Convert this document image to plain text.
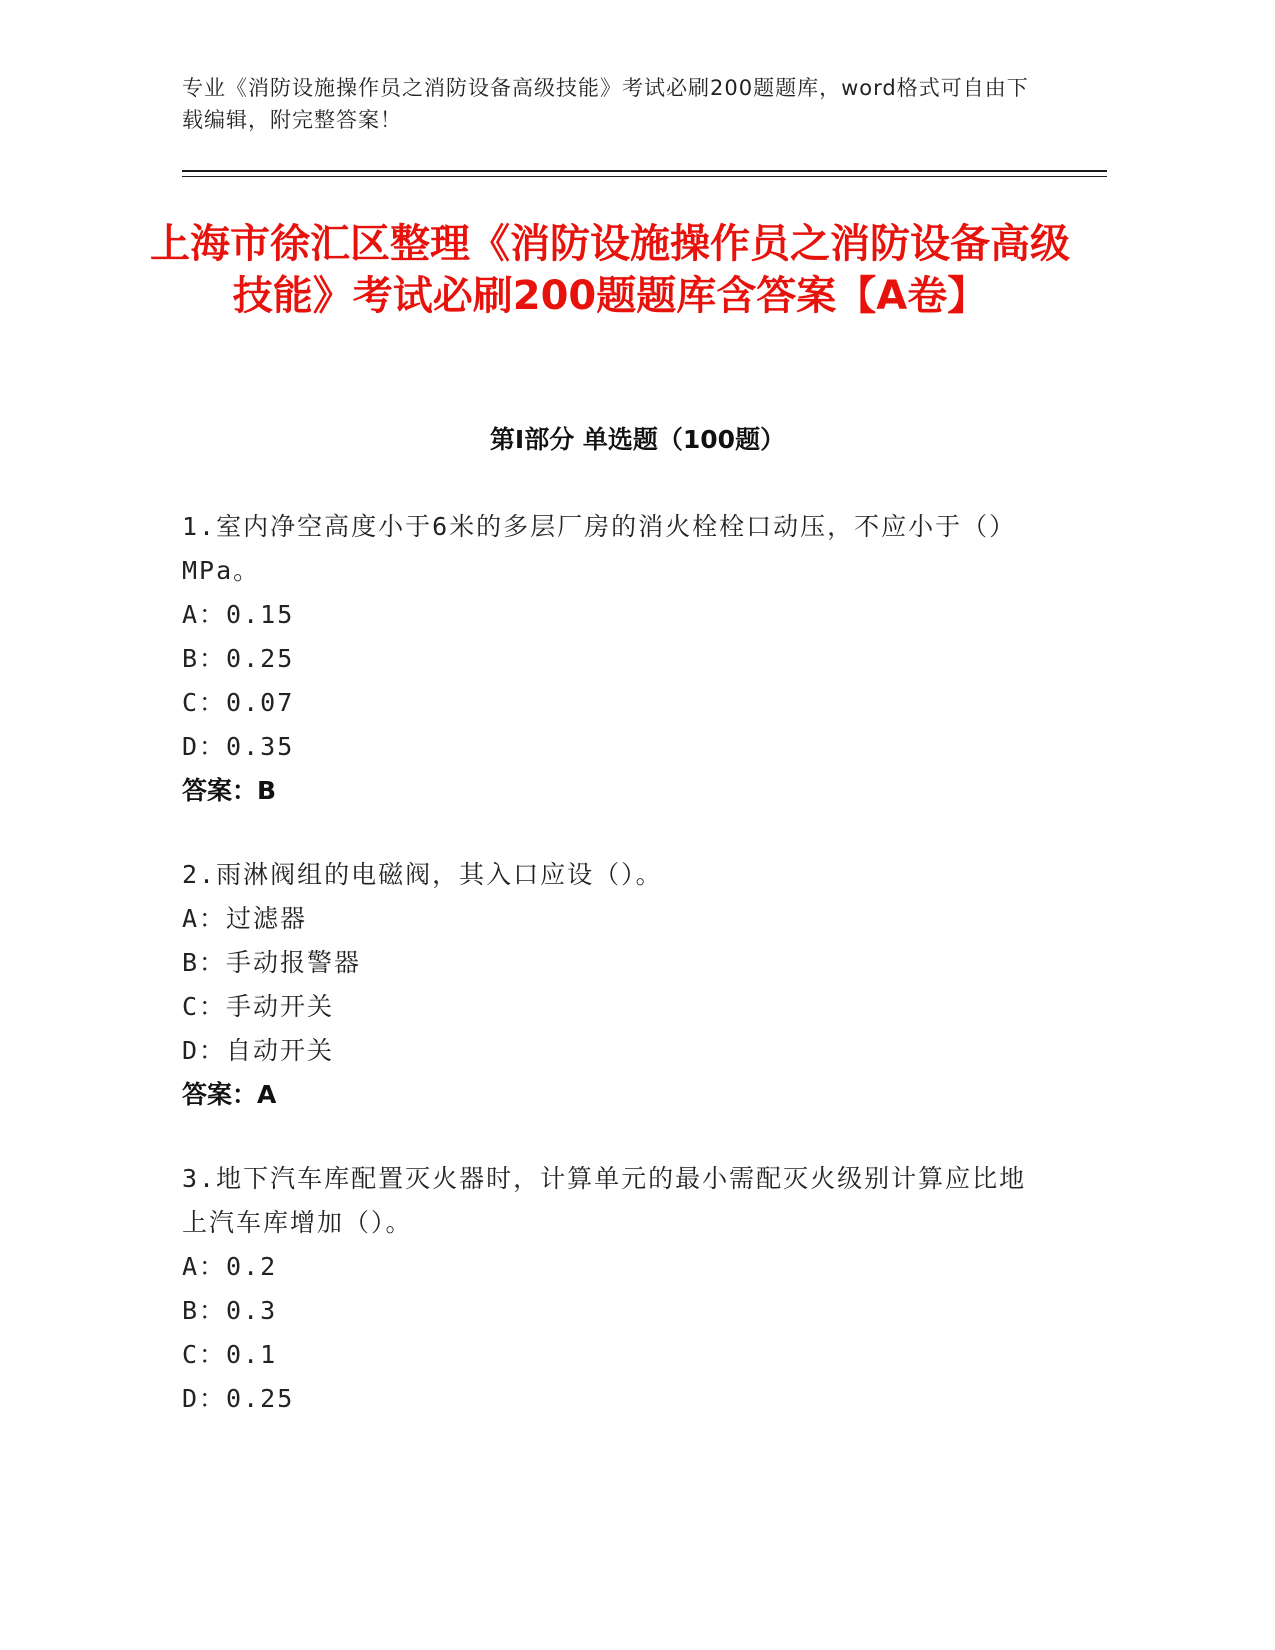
专业《消防设施操作员之消防设备高级技能》考试必刷200题题库，word格式可自由下载编辑，附完整答案！
上海市徐汇区整理《消防设施操作员之消防设备高级技能》考试必刷200题题库含答案【A卷】
第I部分 单选题（100题）
1.室内净空高度小于6米的多层厂房的消火栓栓口动压，不应小于（）MPa。
A：0.15
B：0.25
C：0.07
D：0.35
答案：B
2.雨淋阀组的电磁阀，其入口应设（）。
A：过滤器
B：手动报警器
C：手动开关
D：自动开关
答案：A
3.地下汽车库配置灭火器时，计算单元的最小需配灭火级别计算应比地上汽车库增加（）。
A：0.2
B：0.3
C：0.1
D：0.25
